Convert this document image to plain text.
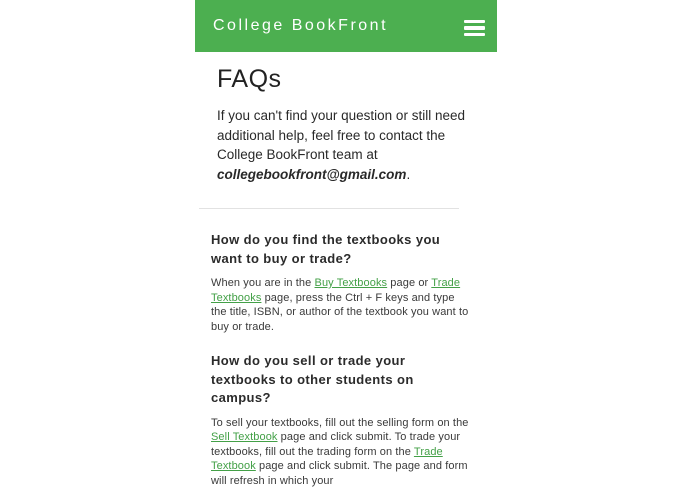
College BookFront
FAQs

If you can't find your question or still need additional help, feel free to contact the College BookFront team at collegebookfront@gmail.com.

How do you find the textbooks you want to buy or trade?

When you are in the Buy Textbooks page or Trade Textbooks page, press the Ctrl + F keys and type the title, ISBN, or author of the textbook you want to buy or trade.

How do you sell or trade your textbooks to other students on campus?

To sell your textbooks, fill out the selling form on the Sell Textbook page and click submit. To trade your textbooks, fill out the trading form on the Trade Textbook page and click submit. The page and form will refresh in which your
